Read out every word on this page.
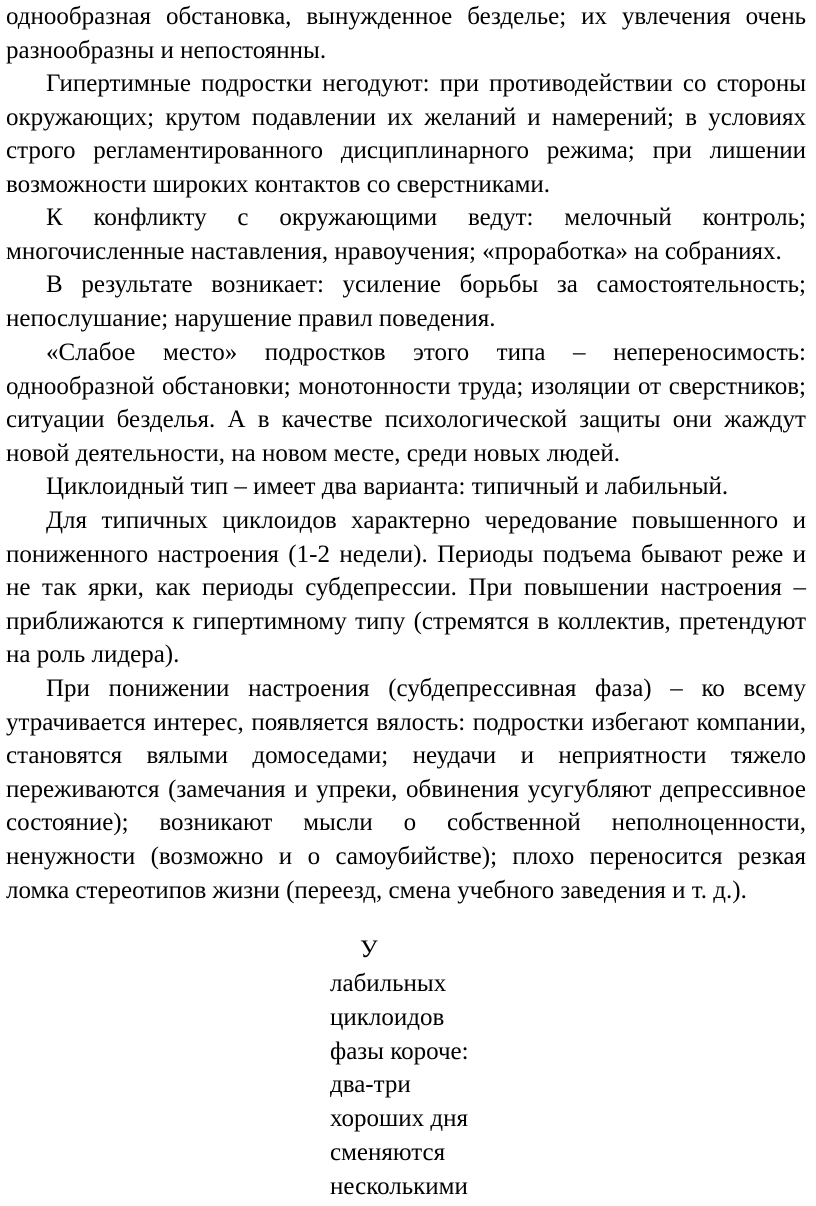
однообразная обстановка, вынужденное безделье; их увлечения очень разнообразны и непостоянны.

Гипертимные подростки негодуют: при противодействии со стороны окружающих; крутом подавлении их желаний и намерений; в условиях строго регламентированного дисциплинарного режима; при лишении возможности широких контактов со сверстниками.

К конфликту с окружающими ведут: мелочный контроль; многочисленные наставления, нравоучения; «проработка» на собраниях.

В результате возникает: усиление борьбы за самостоятельность; непослушание; нарушение правил поведения.

«Слабое место» подростков этого типа – непереносимость: однообразной обстановки; монотонности труда; изоляции от сверстников; ситуации безделья. А в качестве психологической защиты они жаждут новой деятельности, на новом месте, среди новых людей.

Циклоидный тип – имеет два варианта: типичный и лабильный.

Для типичных циклоидов характерно чередование повышенного и пониженного настроения (1-2 недели). Периоды подъема бывают реже и не так ярки, как периоды субдепрессии. При повышении настроения – приближаются к гипертимному типу (стремятся в коллектив, претендуют на роль лидера).

При понижении настроения (субдепрессивная фаза) – ко всему утрачивается интерес, появляется вялость: подростки избегают компании, становятся вялыми домоседами; неудачи и неприятности тяжело переживаются (замечания и упреки, обвинения усугубляют депрессивное состояние); возникают мысли о собственной неполноценности, ненужности (возможно и о самоубийстве); плохо переносится резкая ломка стереотипов жизни (переезд, смена учебного заведения и т. д.).

У

лабильных
циклоидов
фазы короче:
два-три
хороших дня
сменяются
несколькими
